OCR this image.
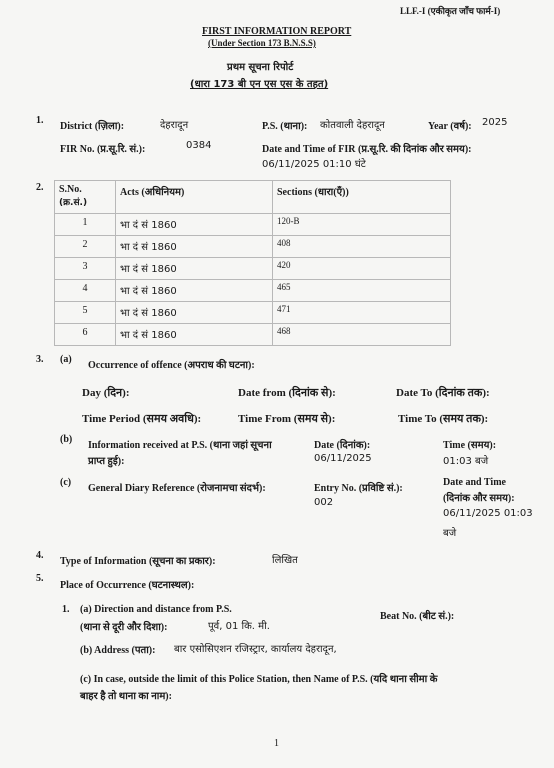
LLF.-I (एकीकृत जाँच फार्म-I)
FIRST INFORMATION REPORT
(Under Section 173 B.N.S.S)
प्रथम सूचना रिपोर्ट
(धारा 173 बी एन एस एस के तहत)
1.
District (ज़िला):	देहरादून	P.S. (थाना): कोतवाली देहरादून	Year (वर्ष): 2025
FIR No. (प्र.सू.रि. सं.):	0384	Date and Time of FIR (प्र.सू.रि. की दिनांक और समय):
06/11/2025 01:10 घंटे
2. S.No.
(क्र.सं.)	Acts (अधिनियम)	Sections (धारा(एँ))
1	भा दं सं 1860	120-B
2	भा दं सं 1860	408
3	भा दं सं 1860	420
4	भा दं सं 1860	465
5	भा दं सं 1860	471
6	भा दं सं 1860	468
3. (a)
Occurrence of offence (अपराध की घटना):
Day (दिन):	Date from (दिनांक से):	Date To (दिनांक तक):
Time Period (समय अवधि):	Time From (समय से):	Time To (समय तक):
(b)
Information received at P.S. (थाना जहां सूचना
प्राप्त हुई):
Date (दिनांक):
06/11/2025
Time (समय):
01:03 बजे
(c)
General Diary Reference (रोजनामचा संदर्भ):	Entry No. (प्रविष्टि सं.):
002
Date and Time
(दिनांक और समय):
06/11/2025 01:03
बजे
4.
Type of Information (सूचना का प्रकार):	लिखित
5.
Place of Occurrence (घटनास्थल):
1. (a) Direction and distance from P.S.
(थाना से दूरी और दिशा):	पूर्व, 01 कि. मी.
Beat No. (बीट सं.):
(b) Address (पता): बार एसोसिएशन रजिस्ट्रार, कार्यालय देहरादून,
(c) In case, outside the limit of this Police Station, then Name of P.S. (यदि थाना सीमा के
बाहर है तो थाना का नाम):
1
